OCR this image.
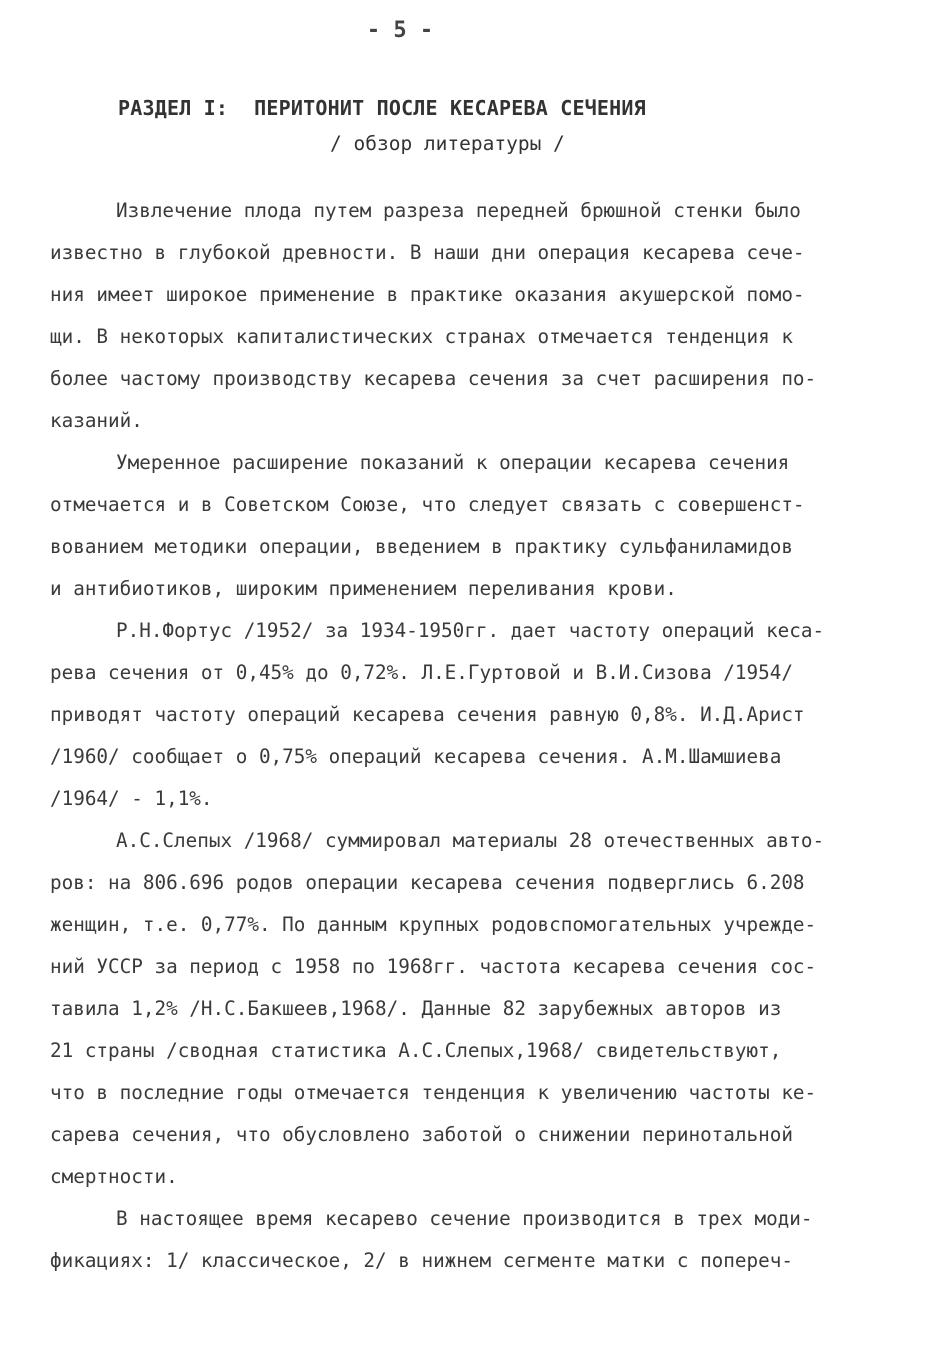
- 5 -
РАЗДЕЛ I: ПЕРИТОНИТ ПОСЛЕ КЕСАРЕВА СЕЧЕНИЯ
/ обзор литературы /
Извлечение плода путем разреза передней брюшной стенки было
известно в глубокой древности. В наши дни операция кесарева сече-
ния имеет широкое применение в практике оказания акушерской помо-
щи. В некоторых капиталистических странах отмечается тенденция к
более частому производству кесарева сечения за счет расширения по-
казаний.
Умеренное расширение показаний к операции кесарева сечения
отмечается и в Советском Союзе, что следует связать с совершенст-
вованием методики операции, введением в практику сульфаниламидов
и антибиотиков, широким применением переливания крови.
Р.Н.Фортус /1952/ за 1934-1950гг. дает частоту операций кеса-
рева сечения от 0,45% до 0,72%. Л.Е.Гуртовой и В.И.Сизова /1954/
приводят частоту операций кесарева сечения равную 0,8%. И.Д.Арист
/1960/ сообщает о 0,75% операций кесарева сечения. А.М.Шамшиева
/1964/ - 1,1%.
А.С.Слепых /1968/ суммировал материалы 28 отечественных авто-
ров: на 806.696 родов операции кесарева сечения подверглись 6.208
женщин, т.е. 0,77%. По данным крупных родовспомогательных учрежде-
ний УССР за период с 1958 по 1968гг. частота кесарева сечения сос-
тавила 1,2% /Н.С.Бакшеев,1968/. Данные 82 зарубежных авторов из
21 страны /сводная статистика А.С.Слепых,1968/ свидетельствуют,
что в последние годы отмечается тенденция к увеличению частоты ке-
сарева сечения, что обусловлено заботой о снижении перинотальной
смертности.
В настоящее время кесарево сечение производится в трех моди-
фикациях: 1/ классическое, 2/ в нижнем сегменте матки с попереч-
